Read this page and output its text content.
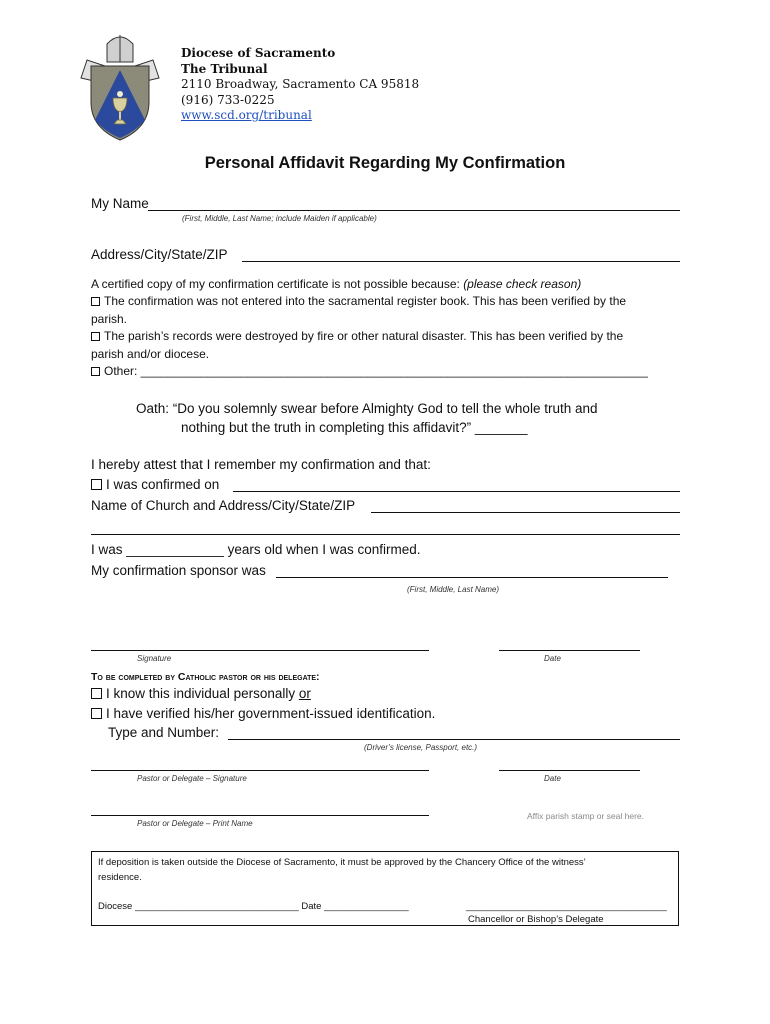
Diocese of Sacramento
The Tribunal
2110 Broadway, Sacramento CA 95818
(916) 733-0225
www.scd.org/tribunal
Personal Affidavit Regarding My Confirmation
My Name
(First, Middle, Last Name; include Maiden if applicable)
Address/City/State/ZIP
A certified copy of my confirmation certificate is not possible because: (please check reason)
The confirmation was not entered into the sacramental register book. This has been verified by the
parish.
The parish’s records were destroyed by fire or other natural disaster. This has been verified by the
parish and/or diocese.
Other: ____________________________________________________________________________
Oath: “Do you solemnly swear before Almighty God to tell the whole truth and
nothing but the truth in completing this affidavit?” _______
I hereby attest that I remember my confirmation and that:
I was confirmed on
Name of Church and Address/City/State/ZIP
I was _____________ years old when I was confirmed.
My confirmation sponsor was
(First, Middle, Last Name)
Signature	Date
To be completed by Catholic pastor or his delegate:
I know this individual personally or
I have verified his/her government-issued identification.
Type and Number:
(Driver’s license, Passport, etc.)
Pastor or Delegate – Signature	Date
Pastor or Delegate – Print Name
Affix parish stamp or seal here.
If deposition is taken outside the Diocese of Sacramento, it must be approved by the Chancery Office of the witness’
residence.
Diocese _______________________________ Date ________________	______________________________________
Chancellor or Bishop’s Delegate
